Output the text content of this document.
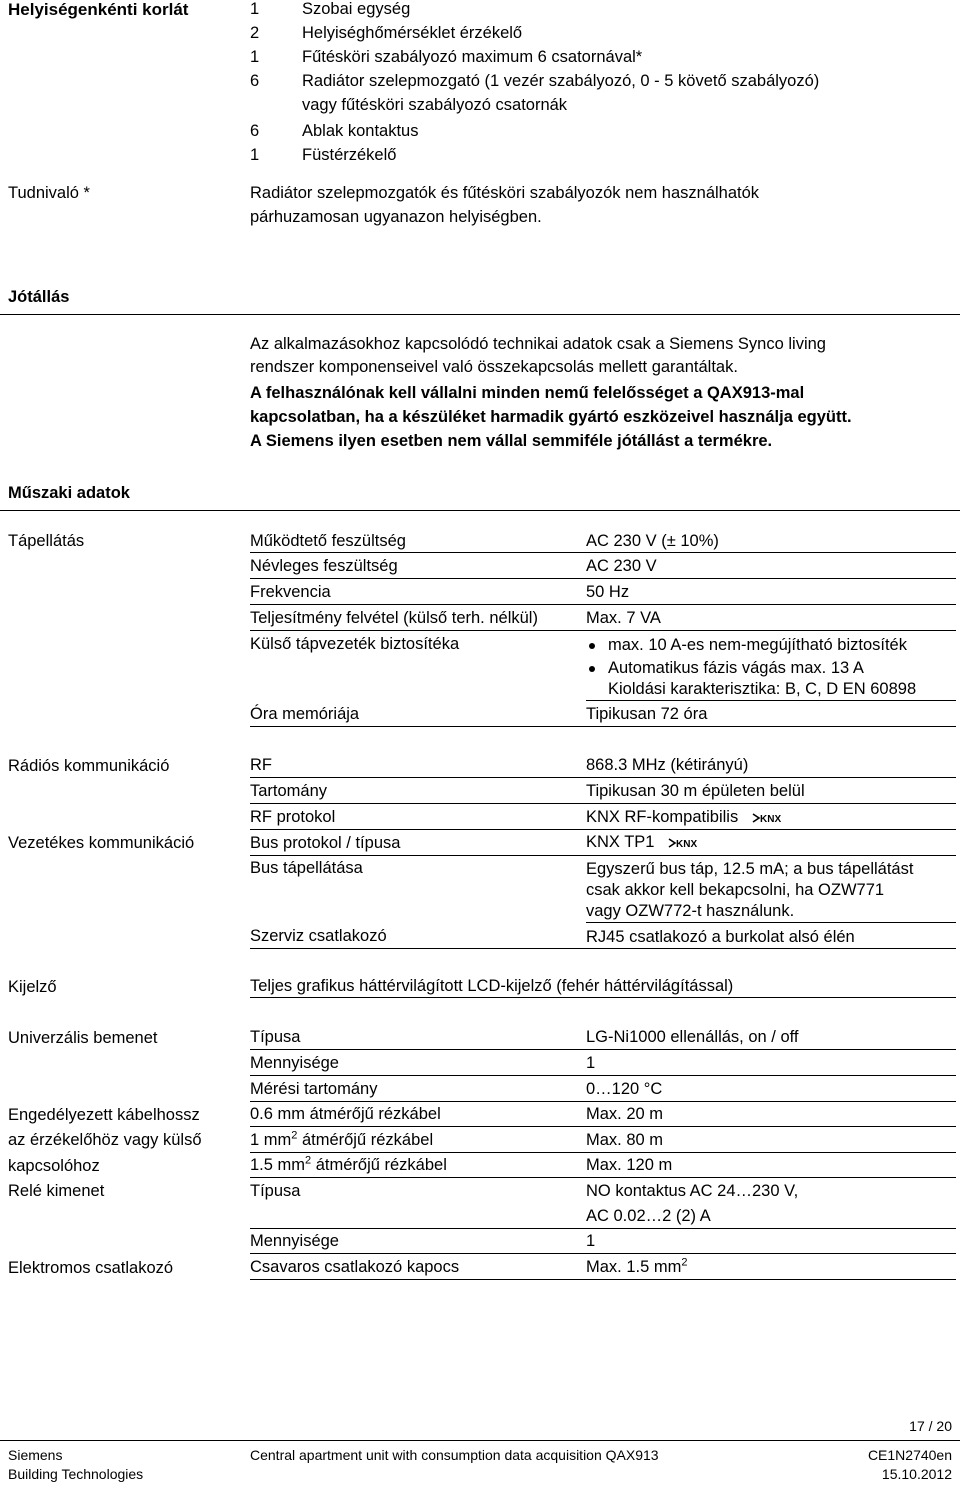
Helyiségenkénti korlát	1	Szobai egység
2	Helyiséghőmérséklet érzékelő
1	Fűtésköri szabályozó maximum 6 csatornával*
6	Radiátor szelepmozgató (1 vezér szabályozó, 0 - 5 követő szabályozó)
vagy fűtésköri szabályozó csatornák
6	Ablak kontaktus
1	Füstérzékelő
Tudnivaló *	Radiátor szelepmozgatók és fűtésköri szabályozók nem használhatók
párhuzamosan ugyanazon helyiségben.
Jótállás
Az alkalmazásokhoz kapcsolódó technikai adatok csak a Siemens Synco living
rendszer komponenseivel való összekapcsolás mellett garantáltak.
A felhasználónak kell vállalni minden nemű felelősséget a QAX913-mal
kapcsolatban, ha a készüléket harmadik gyártó eszközeivel használja együtt.
A Siemens ilyen esetben nem vállal semmiféle jótállást a termékre.
Műszaki adatok
Tápellátás	Működtető feszültség	AC 230 V (± 10%)
Névleges feszültség	AC 230 V
Frekvencia	50 Hz
Teljesítmény felvétel (külső terh. nélkül)	Max. 7 VA
Külső tápvezeték biztosítéka	max. 10 A-es nem-megújítható biztosíték
Automatikus fázis vágás max. 13 A
Kioldási karakterisztika: B, C, D EN 60898
Óra memóriája	Tipikusan 72 óra
Rádiós kommunikáció	RF	868.3 MHz (kétirányú)
Tartomány	Tipikusan 30 m épületen belül
RF protokol	KNX RF-kompatibilis KNX
Vezetékes kommunikáció	Bus protokol / típusa	KNX TP1 KNX
Bus tápellátása	Egyszerű bus táp, 12.5 mA; a bus tápellátást
csak akkor kell bekapcsolni, ha OZW771
vagy OZW772-t használunk.
Szerviz csatlakozó	RJ45 csatlakozó a burkolat alsó élén
Kijelző	Teljes grafikus háttérvilágított LCD-kijelző (fehér háttérvilágítással)
Univerzális bemenet	Típusa	LG-Ni1000 ellenállás, on / off
Mennyisége	1
Mérési tartomány	0…120 °C
Engedélyezett kábelhossz
az érzékelőhöz vagy külső
kapcsolóhoz
0.6 mm átmérőjű rézkábel	Max. 20 m
1 $mm^2$ átmérőjű rézkábel	Max. 80 m
1.5 $mm^2$ átmérőjű rézkábel	Max. 120 m
Relé kimenet	Típusa	NO kontaktus AC 24…230 V,
AC 0.02…2 (2) A
Mennyisége	1
Elektromos csatlakozó	Csavaros csatlakozó kapocs	Max. 1.5 $mm^2$
17 / 20
Siemens
Building Technologies
Central apartment unit with consumption data acquisition QAX913	CE1N2740en
15.10.2012
